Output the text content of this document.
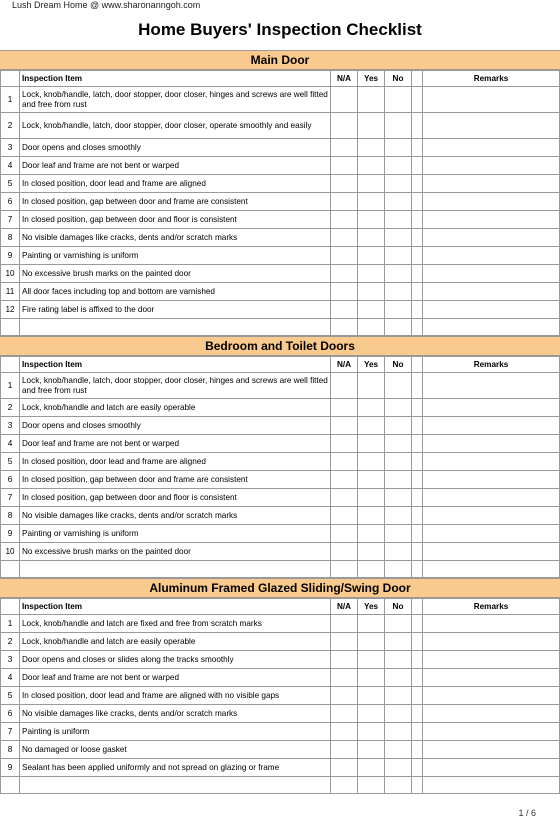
Lush Dream Home @ www.sharonanngoh.com
Home Buyers' Inspection Checklist
Main Door
	Inspection Item	N/A	Yes	No		Remarks
1	Lock, knob/handle, latch, door stopper, door closer, hinges and screws are well fitted and free from rust					
2	Lock, knob/handle, latch, door stopper, door closer, operate smoothly and easily					
3	Door opens and closes smoothly					
4	Door leaf and frame are not bent or warped					
5	In closed position, door lead and frame are aligned					
6	In closed position, gap between door and frame are consistent					
7	In closed position, gap between door and floor is consistent					
8	No visible damages like cracks, dents and/or scratch marks					
9	Painting or varnishing is uniform					
10	No excessive brush marks on the painted door					
11	All door faces including top and bottom are varnished					
12	Fire rating label is affixed to the door					

Bedroom and Toilet Doors
	Inspection Item	N/A	Yes	No		Remarks
1	Lock, knob/handle, latch, door stopper, door closer, hinges and screws are well fitted and free from rust					
2	Lock, knob/handle and latch are easily operable					
3	Door opens and closes smoothly					
4	Door leaf and frame are not bent or warped					
5	In closed position, door lead and frame are aligned					
6	In closed position, gap between door and frame are consistent					
7	In closed position, gap between door and floor is consistent					
8	No visible damages like cracks, dents and/or scratch marks					
9	Painting or varnishing is uniform					
10	No excessive brush marks on the painted door					

Aluminum Framed Glazed Sliding/Swing Door
	Inspection Item	N/A	Yes	No		Remarks
1	Lock, knob/handle and latch are fixed and free from scratch marks					
2	Lock, knob/handle and latch are easily operable					
3	Door opens and closes or slides along the tracks smoothly					
4	Door leaf and frame are not bent or warped					
5	In closed position, door lead and frame are aligned with no visible gaps					
6	No visible damages like cracks, dents and/or scratch marks					
7	Painting is uniform					
8	No damaged or loose gasket					
9	Sealant has been applied uniformly and not spread on glazing or frame					

1 / 6
